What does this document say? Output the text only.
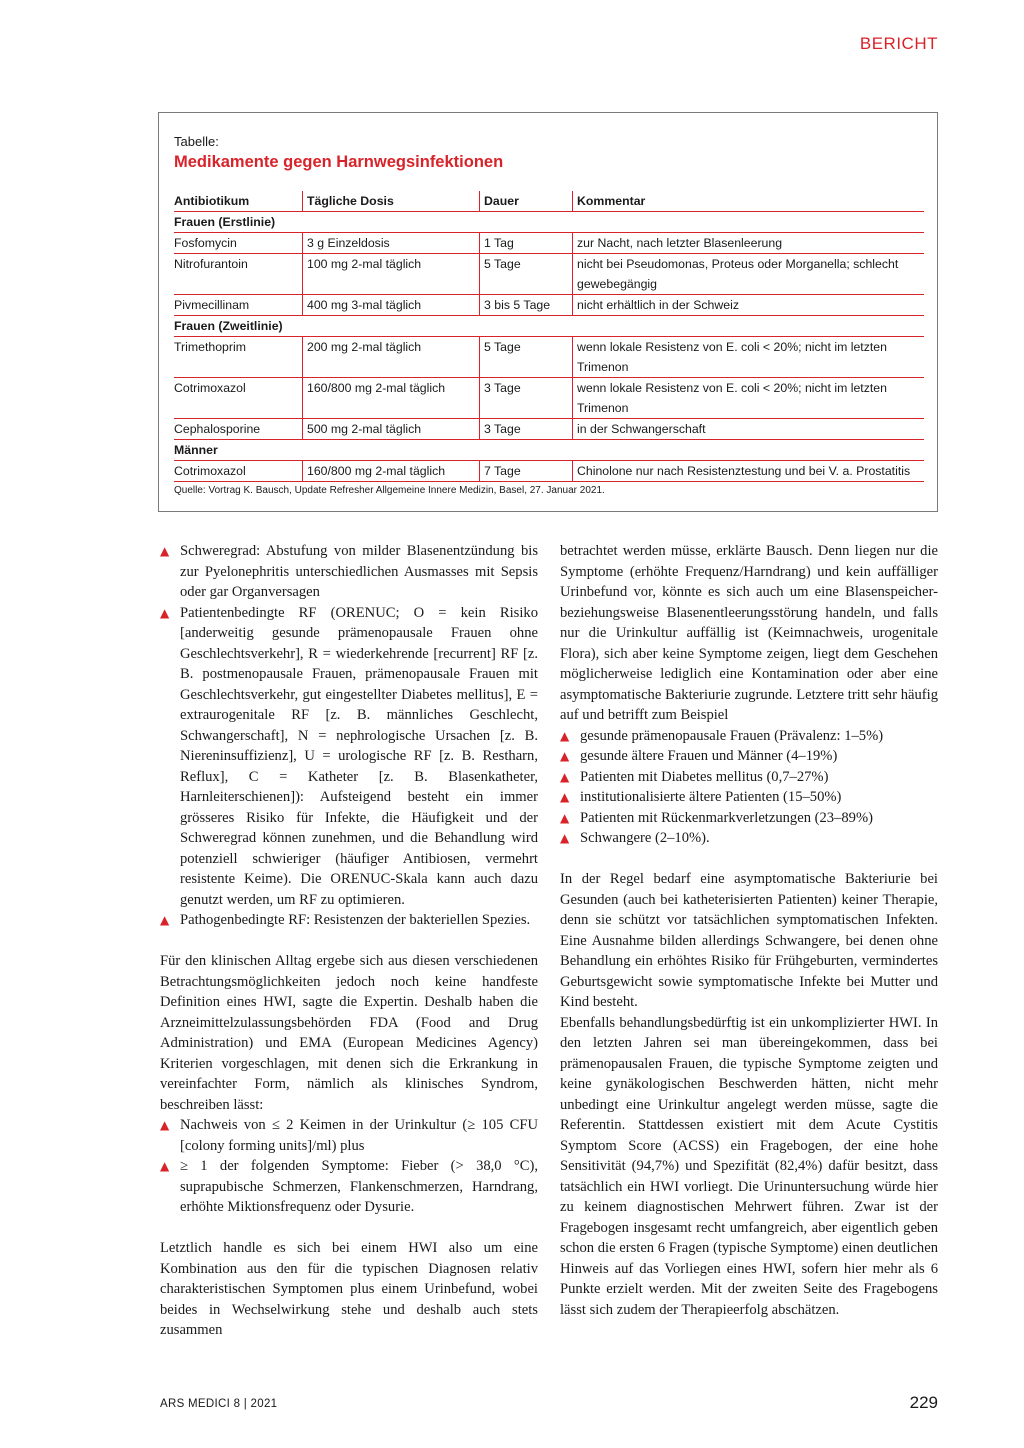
BERICHT
Tabelle:
Medikamente gegen Harnwegsinfektionen
Antibiotikum	Tägliche Dosis	Dauer	Kommentar
Frauen (Erstlinie)			
Fosfomycin	3 g Einzeldosis	1 Tag	zur Nacht, nach letzter Blasenleerung
Nitrofurantoin	100 mg 2-mal täglich	5 Tage	nicht bei Pseudomonas, Proteus oder Morganella; schlecht gewebegängig
Pivmecillinam	400 mg 3-mal täglich	3 bis 5 Tage	nicht erhältlich in der Schweiz
Frauen (Zweitlinie)			
Trimethoprim	200 mg 2-mal täglich	5 Tage	wenn lokale Resistenz von E. coli < 20%; nicht im letzten Trimenon
Cotrimoxazol	160/800 mg 2-mal täglich	3 Tage	wenn lokale Resistenz von E. coli < 20%; nicht im letzten Trimenon
Cephalosporine	500 mg 2-mal täglich	3 Tage	in der Schwangerschaft
Männer			
Cotrimoxazol	160/800 mg 2-mal täglich	7 Tage	Chinolone nur nach Resistenztestung und bei V. a. Prostatitis
Quelle: Vortrag K. Bausch, Update Refresher Allgemeine Innere Medizin, Basel, 27. Januar 2021.

▲ Schweregrad: Abstufung von milder Blasenentzündung bis zur Pyelonephritis unterschiedlichen Ausmasses mit Sepsis oder gar Organversagen

▲ Patientenbedingte RF (ORENUC; O = kein Risiko [anderweitig gesunde prämenopausale Frauen ohne Geschlechtsverkehr], R = wiederkehrende [recurrent] RF [z. B. postmenopausale Frauen, prämenopausale Frauen mit Geschlechtsverkehr, gut eingestellter Diabetes mellitus], E = extraurogenitale RF [z. B. männliches Geschlecht, Schwangerschaft], N = nephrologische Ursachen [z. B. Niereninsuffizienz], U = urologische RF [z. B. Restharn, Reflux], C = Katheter [z. B. Blasenkatheter, Harnleiterschienen]): Aufsteigend besteht ein immer grösseres Risiko für Infekte, die Häufigkeit und der Schweregrad können zunehmen, und die Behandlung wird potenziell schwieriger (häufiger Antibiosen, vermehrt resistente Keime). Die ORENUC-Skala kann auch dazu genutzt werden, um RF zu optimieren.

▲ Pathogenbedingte RF: Resistenzen der bakteriellen Spezies.

Für den klinischen Alltag ergebe sich aus diesen verschiedenen Betrachtungsmöglichkeiten jedoch noch keine handfeste Definition eines HWI, sagte die Expertin. Deshalb haben die Arzneimittelzulassungsbehörden FDA (Food and Drug Administration) und EMA (European Medicines Agency) Kriterien vorgeschlagen, mit denen sich die Erkrankung in vereinfachter Form, nämlich als klinisches Syndrom, beschreiben lässt:

▲ Nachweis von ≤ 2 Keimen in der Urinkultur (≥ 105 CFU [colony forming units]/ml) plus

▲ ≥ 1 der folgenden Symptome: Fieber (> 38,0 °C), suprapubische Schmerzen, Flankenschmerzen, Harndrang, erhöhte Miktionsfrequenz oder Dysurie.

Letztlich handle es sich bei einem HWI also um eine Kombination aus den für die typischen Diagnosen relativ charakteristischen Symptomen plus einem Urinbefund, wobei beides in Wechselwirkung stehe und deshalb auch stets zusammen

betrachtet werden müsse, erklärte Bausch. Denn liegen nur die Symptome (erhöhte Frequenz/Harndrang) und kein auffälliger Urinbefund vor, könnte es sich auch um eine Blasenspeicher- beziehungsweise Blasenentleerungsstörung handeln, und falls nur die Urinkultur auffällig ist (Keimnachweis, urogenitale Flora), sich aber keine Symptome zeigen, liegt dem Geschehen möglicherweise lediglich eine Kontamination oder aber eine asymptomatische Bakteriurie zugrunde. Letztere tritt sehr häufig auf und betrifft zum Beispiel

▲ gesunde prämenopausale Frauen (Prävalenz: 1–5%)

▲ gesunde ältere Frauen und Männer (4–19%)

▲ Patienten mit Diabetes mellitus (0,7–27%)

▲ institutionalisierte ältere Patienten (15–50%)

▲ Patienten mit Rückenmarkverletzungen (23–89%)

▲ Schwangere (2–10%).

In der Regel bedarf eine asymptomatische Bakteriurie bei Gesunden (auch bei katheterisierten Patienten) keiner Therapie, denn sie schützt vor tatsächlichen symptomatischen Infekten. Eine Ausnahme bilden allerdings Schwangere, bei denen ohne Behandlung ein erhöhtes Risiko für Frühgeburten, vermindertes Geburtsgewicht sowie symptomatische Infekte bei Mutter und Kind besteht.

Ebenfalls behandlungsbedürftig ist ein unkomplizierter HWI. In den letzten Jahren sei man übereingekommen, dass bei prämenopausalen Frauen, die typische Symptome zeigten und keine gynäkologischen Beschwerden hätten, nicht mehr unbedingt eine Urinkultur angelegt werden müsse, sagte die Referentin. Stattdessen existiert mit dem Acute Cystitis Symptom Score (ACSS) ein Fragebogen, der eine hohe Sensitivität (94,7%) und Spezifität (82,4%) dafür besitzt, dass tatsächlich ein HWI vorliegt. Die Urinuntersuchung würde hier zu keinem diagnostischen Mehrwert führen. Zwar ist der Fragebogen insgesamt recht umfangreich, aber eigentlich geben schon die ersten 6 Fragen (typische Symptome) einen deutlichen Hinweis auf das Vorliegen eines HWI, sofern hier mehr als 6 Punkte erzielt werden. Mit der zweiten Seite des Fragebogens lässt sich zudem der Therapieerfolg abschätzen.

ARS MEDICI 8 | 2021	229
